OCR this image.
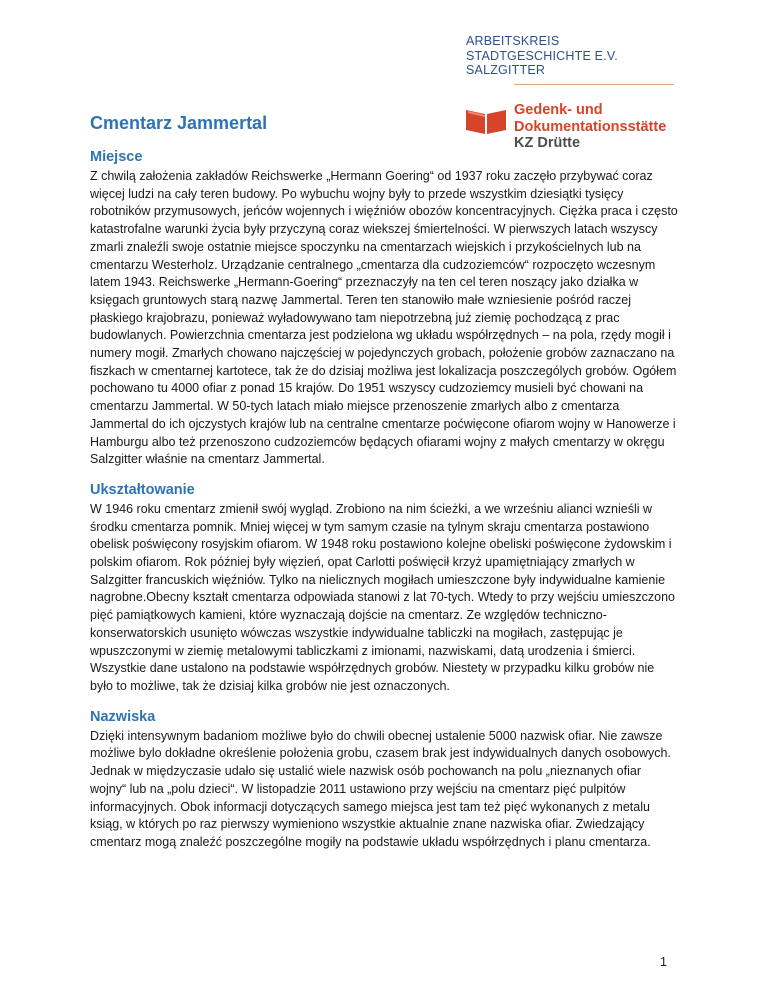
ARBEITSKREIS
STADTGESCHICHTE E.V.
SALZGITTER
Gedenk- und
Dokumentationsstätte
KZ Drütte
Cmentarz Jammertal
Miejsce

Z chwilą założenia zakładów Reichswerke „Hermann Goering“ od 1937 roku zaczęło przybywać coraz więcej ludzi na cały teren budowy. Po wybuchu wojny były to przede wszystkim dziesiątki tysięcy robotników przymusowych, jeńców wojennych i więźniów obozów koncentracyjnych. Ciężka praca i często katastrofalne warunki życia były przyczyną coraz wiekszej śmiertelności. W pierwszych latach wszyscy zmarli znaleźli swoje ostatnie miejsce spoczynku na cmentarzach wiejskich i przykościelnych lub na cmentarzu Westerholz. Urządzanie centralnego „cmentarza dla cudzoziemców“ rozpoczęto wczesnym latem 1943. Reichswerke „Hermann-Goering“ przeznaczyły na ten cel teren noszący jako działka w księgach gruntowych starą nazwę Jammertal. Teren ten stanowiło małe wzniesienie pośród raczej płaskiego krajobrazu, ponieważ wyładowywano tam niepotrzebną już ziemię pochodzącą z prac budowlanych. Powierzchnia cmentarza jest podzielona wg układu współrzędnych – na pola, rzędy mogił i numery mogił. Zmarłych chowano najczęściej w pojedynczych grobach, położenie grobów zaznaczano na fiszkach w cmentarnej kartotece, tak że do dzisiaj możliwa jest lokalizacja poszczególych grobów. Ogółem pochowano tu 4000 ofiar z ponad 15 krajów. Do 1951 wszyscy cudzoziemcy musieli być chowani na cmentarzu Jammertal. W 50-tych latach miało miejsce przenoszenie zmarłych albo z cmentarza Jammertal do ich ojczystych krajów lub na centralne cmentarze poćwięcone ofiarom wojny w Hanowerze i Hamburgu albo też przenoszono cudzoziemców będących ofiarami wojny z małych cmentarzy w okręgu Salzgitter właśnie na cmentarz Jammertal.

Ukształtowanie

W 1946 roku cmentarz zmienił swój wygląd. Zrobiono na nim ścieżki, a we wrześniu alianci wznieśli w środku cmentarza pomnik. Mniej więcej w tym samym czasie na tylnym skraju cmentarza postawiono obelisk poświęcony rosyjskim ofiarom. W 1948 roku postawiono kolejne obeliski poświęcone żydowskim i polskim ofiarom. Rok później były więzień, opat Carlotti poświęcił krzyż upamiętniający zmarłych w Salzgitter francuskich więźniów. Tylko na nielicznych mogiłach umieszczone były indywidualne kamienie nagrobne.Obecny kształt cmentarza odpowiada stanowi z lat 70-tych. Wtedy to przy wejściu umieszczono pięć pamiątkowych kamieni, które wyznaczają dojście na cmentarz. Ze względów techniczno-konserwatorskich usunięto wówczas wszystkie indywidualne tabliczki na mogiłach, zastępując je wpuszczonymi w ziemię metalowymi tabliczkami z imionami, nazwiskami, datą urodzenia i śmierci. Wszystkie dane ustalono na podstawie współrzędnych grobów. Niestety w przypadku kilku grobów nie było to możliwe, tak że dzisiaj kilka grobów nie jest oznaczonych.

Nazwiska

Dzięki intensywnym badaniom możliwe było do chwili obecnej ustalenie 5000 nazwisk ofiar. Nie zawsze możliwe bylo dokładne określenie położenia grobu, czasem brak jest indywidualnych danych osobowych. Jednak w międzyczasie udało się ustalić wiele nazwisk osób pochowanch na polu „nieznanych ofiar wojny“ lub na „polu dzieci“. W listopadzie 2011 ustawiono przy wejściu na cmentarz pięć pulpitów informacyjnych. Obok informacji dotyczących samego miejsca jest tam też pięć wykonanych z metalu ksiąg, w których po raz pierwszy wymieniono wszystkie aktualnie znane nazwiska ofiar. Zwiedzający cmentarz mogą znaleźć poszczególne mogiły na podstawie układu współrzędnych i planu cmentarza.

1
